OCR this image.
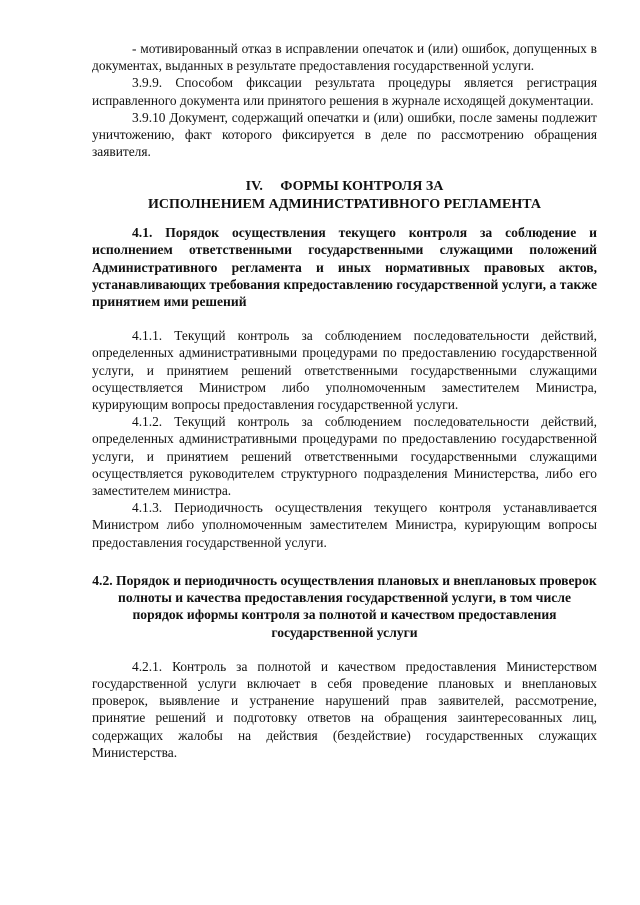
- мотивированный отказ в исправлении опечаток и (или) ошибок, допущенных в документах, выданных в результате предоставления государственной услуги.

3.9.9. Способом фиксации результата процедуры является регистрация исправленного документа или принятого решения в журнале исходящей документации.

3.9.10 Документ, содержащий опечатки и (или) ошибки, после замены подлежит уничтожению, факт которого фиксируется в деле по рассмотрению обращения заявителя.

IV.     ФОРМЫ КОНТРОЛЯ ЗА
ИСПОЛНЕНИЕМ АДМИНИСТРАТИВНОГО РЕГЛАМЕНТА

4.1. Порядок осуществления текущего контроля за соблюдение и исполнением ответственными государственными служащими положений Административного регламента и иных нормативных правовых актов, устанавливающих требования кпредоставлению государственной услуги, а также принятием ими решений

4.1.1. Текущий контроль за соблюдением последовательности действий, определенных административными процедурами по предоставлению государственной услуги, и принятием решений ответственными государственными служащими осуществляется Министром либо уполномоченным заместителем Министра, курирующим вопросы предоставления государственной услуги.

4.1.2. Текущий контроль за соблюдением последовательности действий, определенных административными процедурами по предоставлению государственной услуги, и принятием решений ответственными государственными служащими осуществляется руководителем структурного подразделения Министерства, либо его заместителем министра.

4.1.3. Периодичность осуществления текущего контроля устанавливается Министром либо уполномоченным заместителем Министра, курирующим вопросы предоставления государственной услуги.

4.2. Порядок и периодичность осуществления плановых и внеплановых проверок полноты и качества предоставления государственной услуги, в том числе порядок иформы контроля за полнотой и качеством предоставления государственной услуги

4.2.1. Контроль за полнотой и качеством предоставления Министерством государственной услуги включает в себя проведение плановых и внеплановых проверок, выявление и устранение нарушений прав заявителей, рассмотрение, принятие решений и подготовку ответов на обращения заинтересованных лиц, содержащих жалобы на действия (бездействие) государственных служащих Министерства.
